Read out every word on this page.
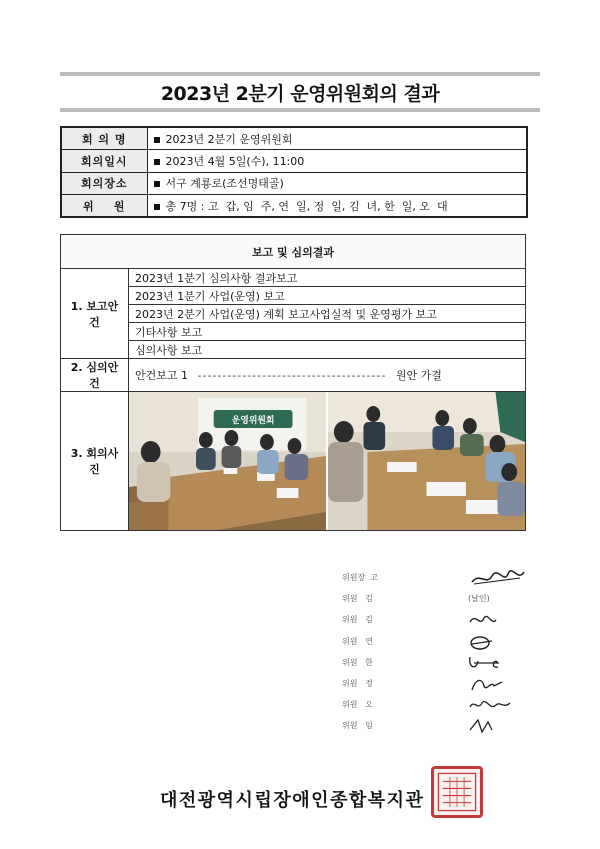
2023년 2분기 운영위원회의 결과
회 의 명	2023년 2분기 운영위원회
회의일시	2023년 4월 5일(수), 11:00
회의장소	서구 계룡로(조선명태골)
위    원	총 7명 : 고  갑, 임  주, 연  일, 정  일, 김  녀, 한  일, 오  대
보고 및 심의결과	
1. 보고안건	2023년 1분기 심의사항 결과보고
	2023년 1분기 사업(운영) 보고
	2023년 2분기 사업(운영) 계획 보고사업실적 및 운영평가 보고
	기타사항 보고
	심의사항 보고
2. 심의안건	안건보고 1 -------------------------------------- 원안 가결
3. 회의사진	운영위원회
위원장 고
위원 김	(날인)
위원 김
위원 연
위원 한
위원 정
위원 오
위원 임
대전광역시립장애인종합복지관
